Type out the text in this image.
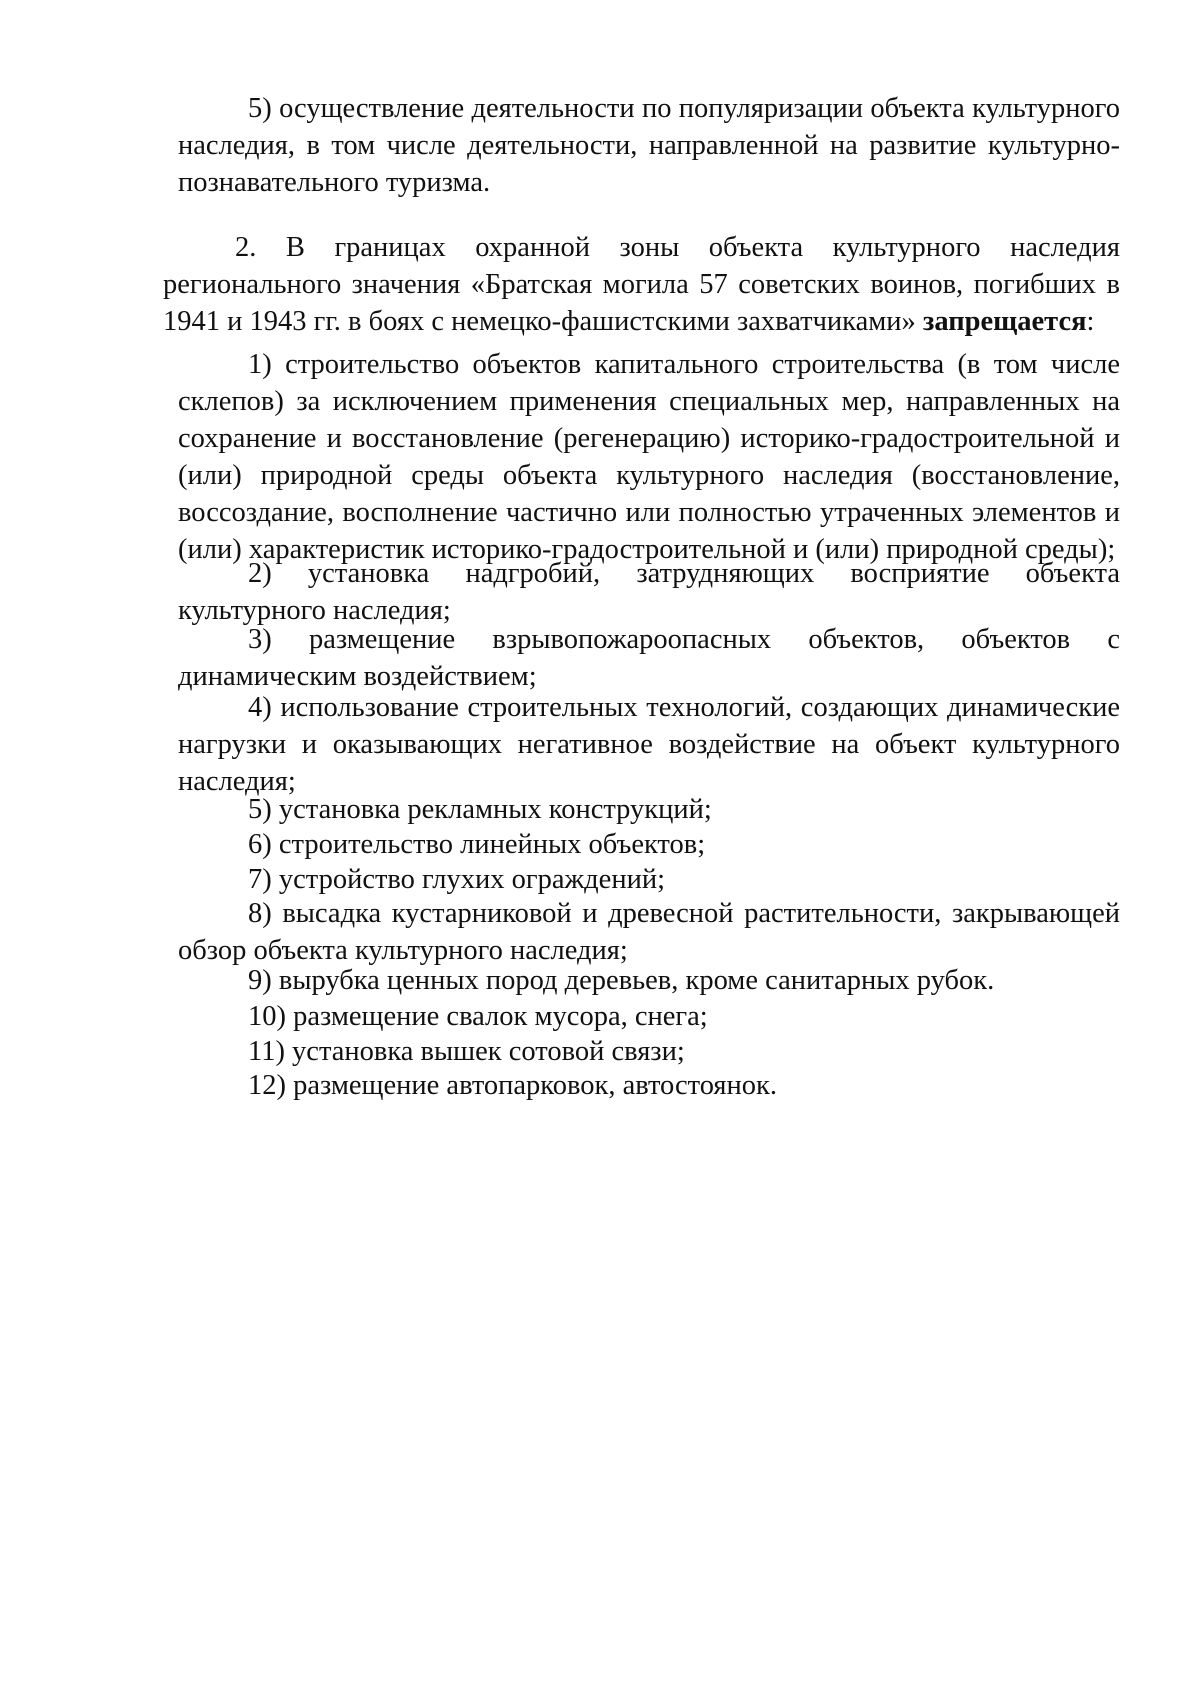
5) осуществление деятельности по популяризации объекта культурного наследия, в том числе деятельности, направленной на развитие культурно-познавательного туризма.

2. В границах охранной зоны объекта культурного наследия регионального значения «Братская могила 57 советских воинов, погибших в 1941 и 1943 гг. в боях с немецко-фашистскими захватчиками» запрещается:

1) строительство объектов капитального строительства (в том числе склепов) за исключением применения специальных мер, направленных на сохранение и восстановление (регенерацию) историко-градостроительной и (или) природной среды объекта культурного наследия (восстановление, воссоздание, восполнение частично или полностью утраченных элементов и (или) характеристик историко-градостроительной и (или) природной среды);

2) установка надгробий, затрудняющих восприятие объекта культурного наследия;

3) размещение взрывопожароопасных объектов, объектов с динамическим воздействием;

4) использование строительных технологий, создающих динамические нагрузки и оказывающих негативное воздействие на объект культурного наследия;

5) установка рекламных конструкций;

6) строительство линейных объектов;

7) устройство глухих ограждений;

8) высадка кустарниковой и древесной растительности, закрывающей обзор объекта культурного наследия;

9) вырубка ценных пород деревьев, кроме санитарных рубок.

10) размещение свалок мусора, снега;

11) установка вышек сотовой связи;

12) размещение автопарковок, автостоянок.
